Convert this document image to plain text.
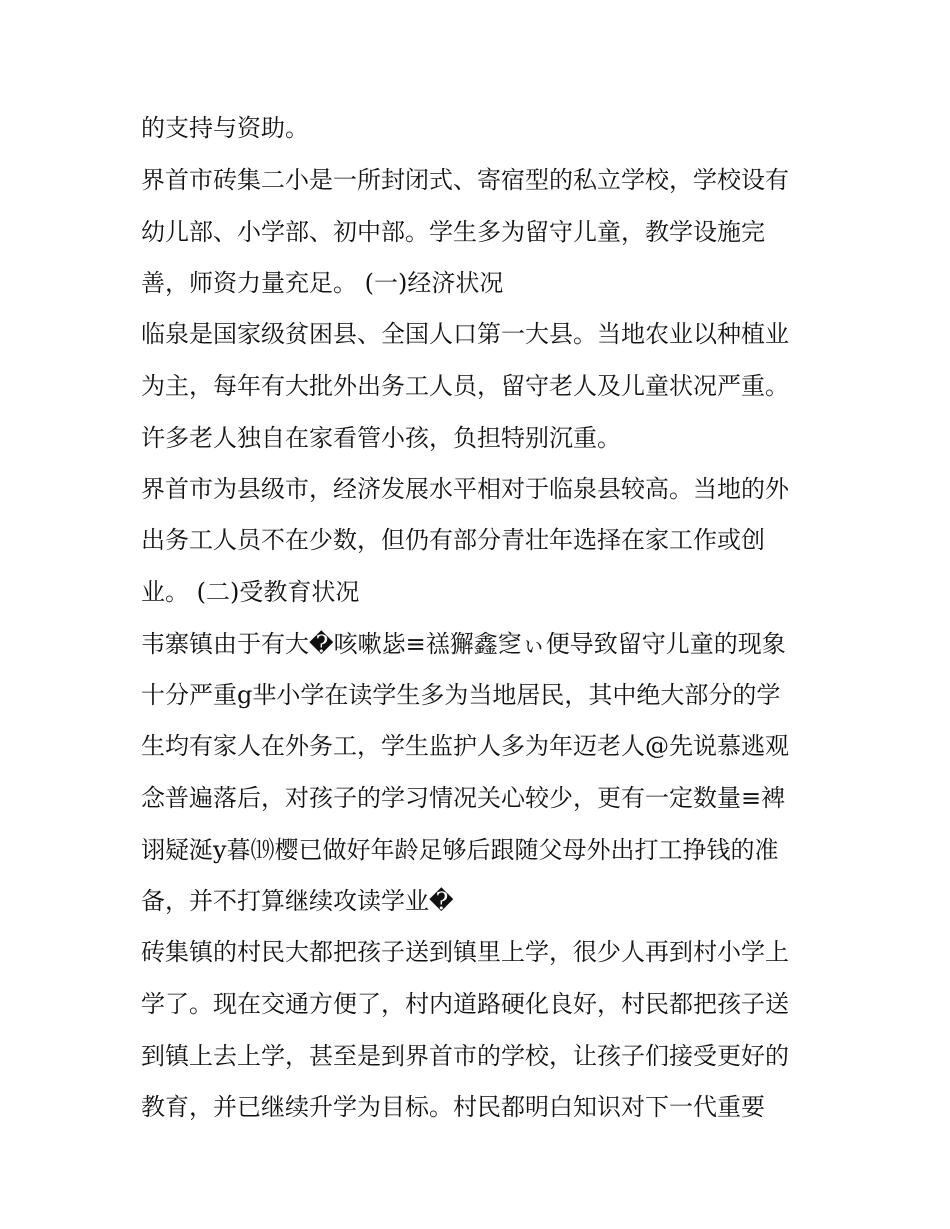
的支持与资助。
界首市砖集二小是一所封闭式、寄宿型的私立学校，学校设有
幼儿部、小学部、初中部。学生多为留守儿童，教学设施完
善，师资力量充足。 (一)经济状况
临泉是国家级贫困县、全国人口第一大县。当地农业以种植业
为主，每年有大批外出务工人员，留守老人及儿童状况严重。
许多老人独自在家看管小孩，负担特别沉重。
界首市为县级市，经济发展水平相对于临泉县较高。当地的外
出务工人员不在少数，但仍有部分青壮年选择在家工作或创
业。 (二)受教育状况
韦寨镇由于有大�咳嗽毖≡禚獬鑫窆ぃ便导致留守儿童的现象
十分严重g芈小学在读学生多为当地居民，其中绝大部分的学
生均有家人在外务工，学生监护人多为年迈老人@先说慕逃观
念普遍落后，对孩子的学习情况关心较少，更有一定数量≡裨
诩疑涎y暮⒆樱已做好年龄足够后跟随父母外出打工挣钱的准
备，并不打算继续攻读学业�
砖集镇的村民大都把孩子送到镇里上学，很少人再到村小学上
学了。现在交通方便了，村内道路硬化良好，村民都把孩子送
到镇上去上学，甚至是到界首市的学校，让孩子们接受更好的
教育，并已继续升学为目标。村民都明白知识对下一代重要
